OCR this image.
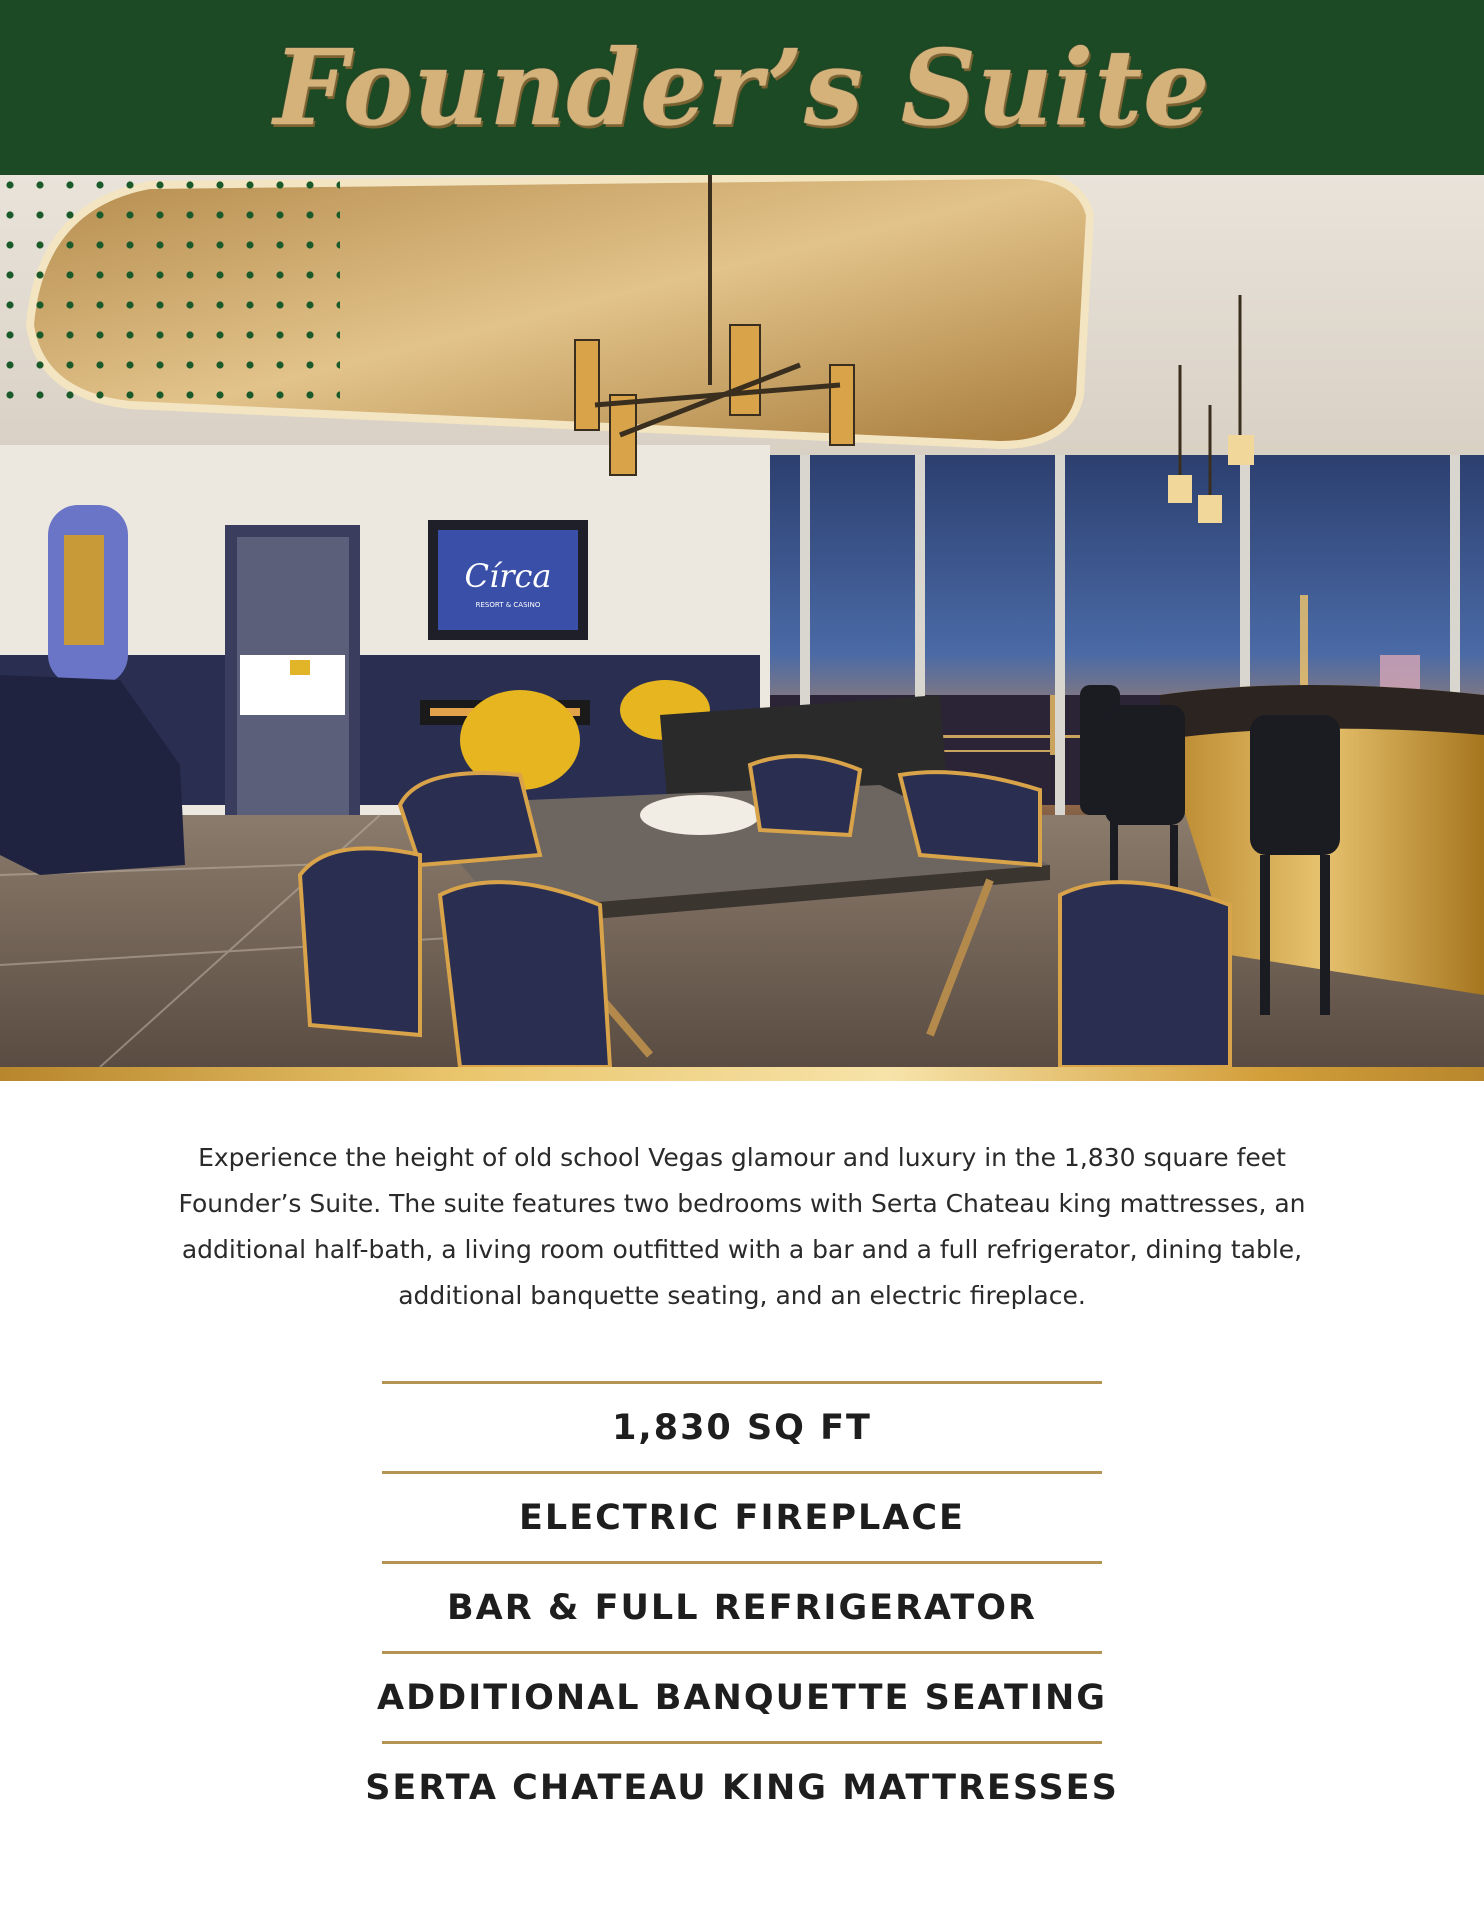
Founder’s Suite
Círca
RESORT & CASINO
Experience the height of old school Vegas glamour and luxury in the 1,830 square feet Founder’s Suite. The suite features two bedrooms with Serta Chateau king mattresses, an additional half-bath, a living room outfitted with a bar and a full refrigerator, dining table, additional banquette seating, and an electric fireplace.
1,830 SQ FT
ELECTRIC FIREPLACE
BAR & FULL REFRIGERATOR
ADDITIONAL BANQUETTE SEATING
SERTA CHATEAU KING MATTRESSES
